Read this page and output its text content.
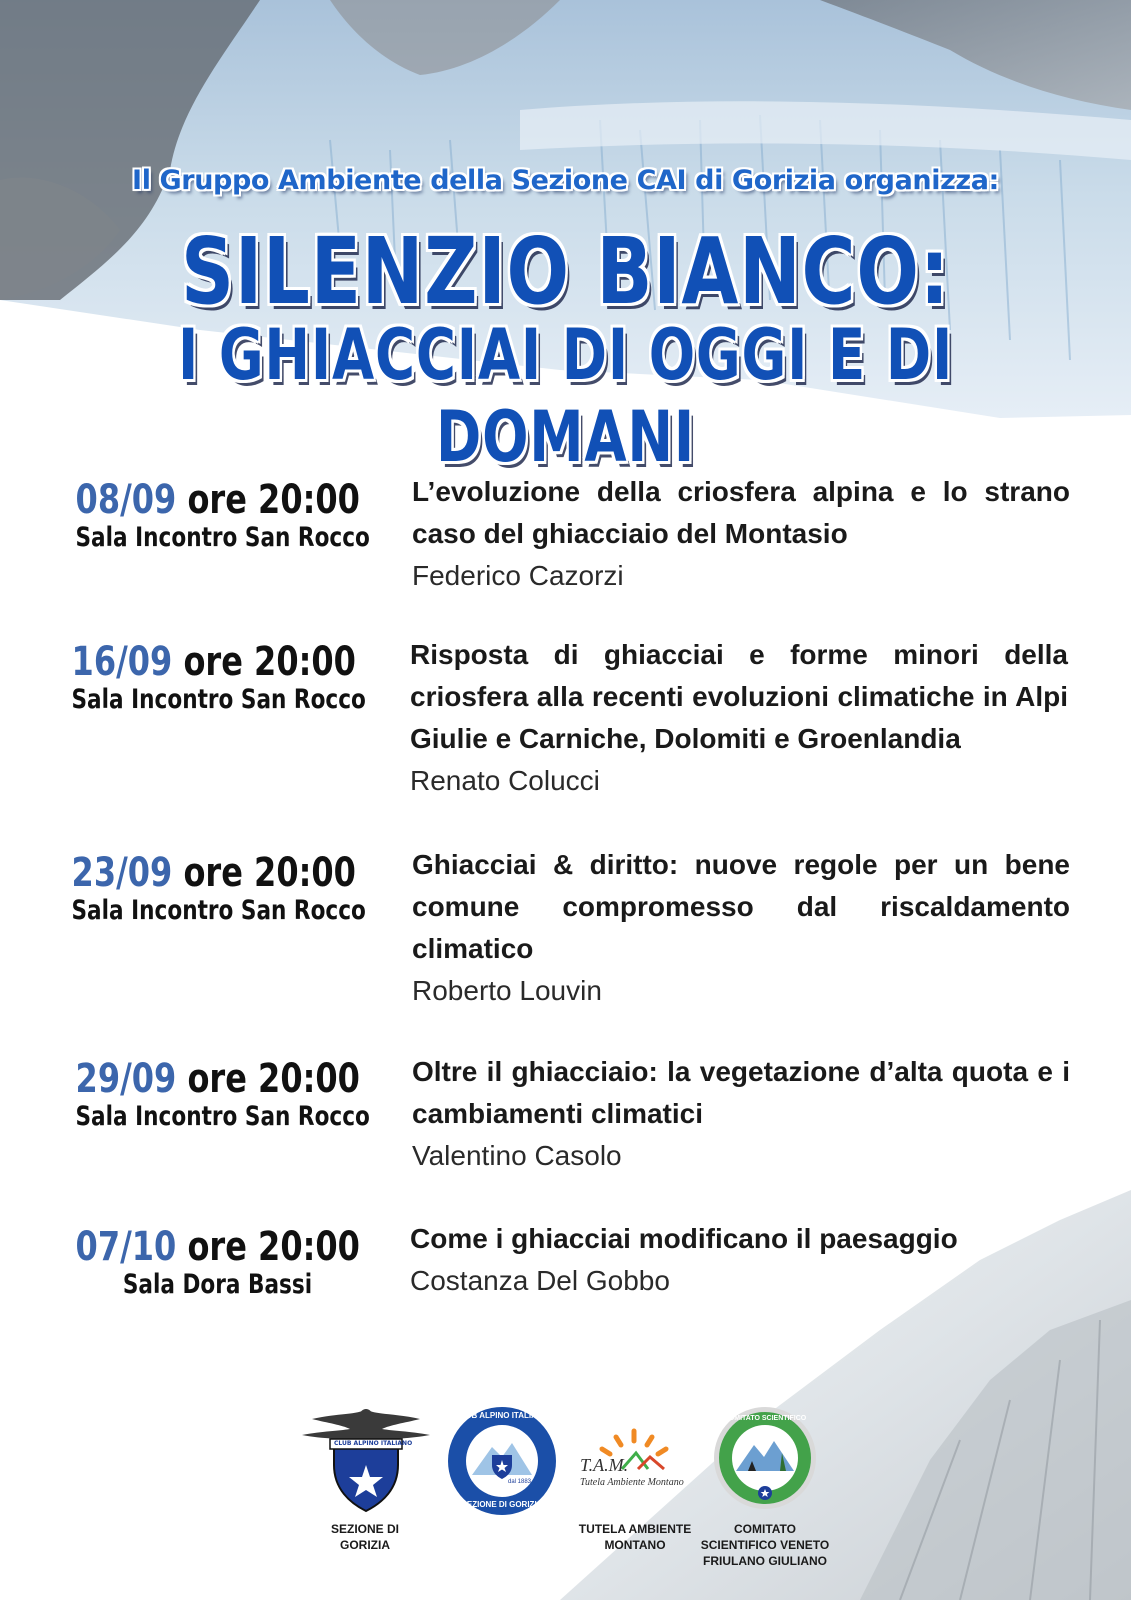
Il Gruppo Ambiente della Sezione CAI di Gorizia organizza:
SILENZIO BIANCO:
I GHIACCIAI DI OGGI E DI DOMANI
08/09 ore 20:00
Sala Incontro San Rocco

L’evoluzione della criosfera alpina e lo strano caso del ghiacciaio del Montasio

Federico Cazorzi

16/09 ore 20:00
Sala Incontro San Rocco

Risposta di ghiacciai e forme minori della criosfera alla recenti evoluzioni climatiche in Alpi Giulie e Carniche, Dolomiti e Groenlandia

Renato Colucci

23/09 ore 20:00
Sala Incontro San Rocco

Ghiacciai & diritto: nuove regole per un bene comune compromesso dal riscaldamento climatico

Roberto Louvin

29/09 ore 20:00
Sala Incontro San Rocco

Oltre il ghiacciaio: la vegetazione d’alta quota e i cambiamenti climatici

Valentino Casolo

07/10 ore 20:00
Sala Dora Bassi

Come i ghiacciai modificano il paesaggio

Costanza Del Gobbo

CLUB ALPINO ITALIANO
SEZIONE DI GORIZIA
CLUB ALPINO ITALIANO
SEZIONE DI GORIZIA
dal 1883
T.A.M.
Tutela Ambiente Montano
TUTELA AMBIENTE MONTANO
COMITATO SCIENTIFICO
COMITATO SCIENTIFICO VENETO FRIULANO GIULIANO
